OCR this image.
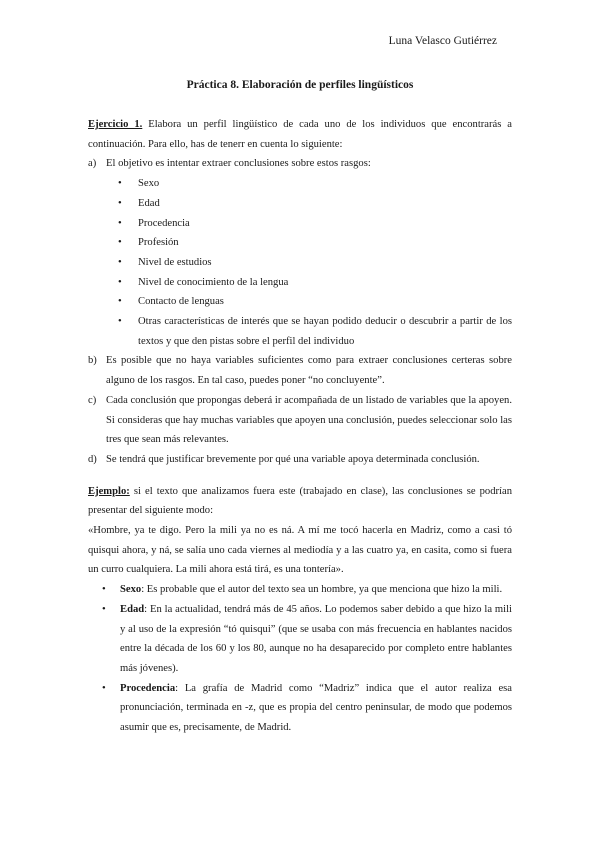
Luna Velasco Gutiérrez
Práctica 8. Elaboración de perfiles lingüísticos

Ejercicio 1. Elabora un perfil lingüístico de cada uno de los individuos que encontrarás a continuación. Para ello, has de tenerr en cuenta lo siguiente:

a) El objetivo es intentar extraer conclusiones sobre estos rasgos:
• Sexo
• Edad
• Procedencia
• Profesión
• Nivel de estudios
• Nivel de conocimiento de la lengua
• Contacto de lenguas
• Otras características de interés que se hayan podido deducir o descubrir a partir de los textos y que den pistas sobre el perfil del individuo
b) Es posible que no haya variables suficientes como para extraer conclusiones certeras sobre alguno de los rasgos. En tal caso, puedes poner “no concluyente”.
c) Cada conclusión que propongas deberá ir acompañada de un listado de variables que la apoyen. Si consideras que hay muchas variables que apoyen una conclusión, puedes seleccionar solo las tres que sean más relevantes.
d) Se tendrá que justificar brevemente por qué una variable apoya determinada conclusión.

Ejemplo: si el texto que analizamos fuera este (trabajado en clase), las conclusiones se podrían presentar del siguiente modo:

«Hombre, ya te digo. Pero la mili ya no es ná. A mí me tocó hacerla en Madriz, como a casi tó quisqui ahora, y ná, se salía uno cada viernes al mediodía y a las cuatro ya, en casita, como si fuera un curro cualquiera. La mili ahora está tirá, es una tontería».

• Sexo: Es probable que el autor del texto sea un hombre, ya que menciona que hizo la mili.
• Edad: En la actualidad, tendrá más de 45 años. Lo podemos saber debido a que hizo la mili y al uso de la expresión “tó quisqui” (que se usaba con más frecuencia en hablantes nacidos entre la década de los 60 y los 80, aunque no ha desaparecido por completo entre hablantes más jóvenes).
• Procedencia: La grafía de Madrid como “Madriz” indica que el autor realiza esa pronunciación, terminada en -z, que es propia del centro peninsular, de modo que podemos asumir que es, precisamente, de Madrid.
